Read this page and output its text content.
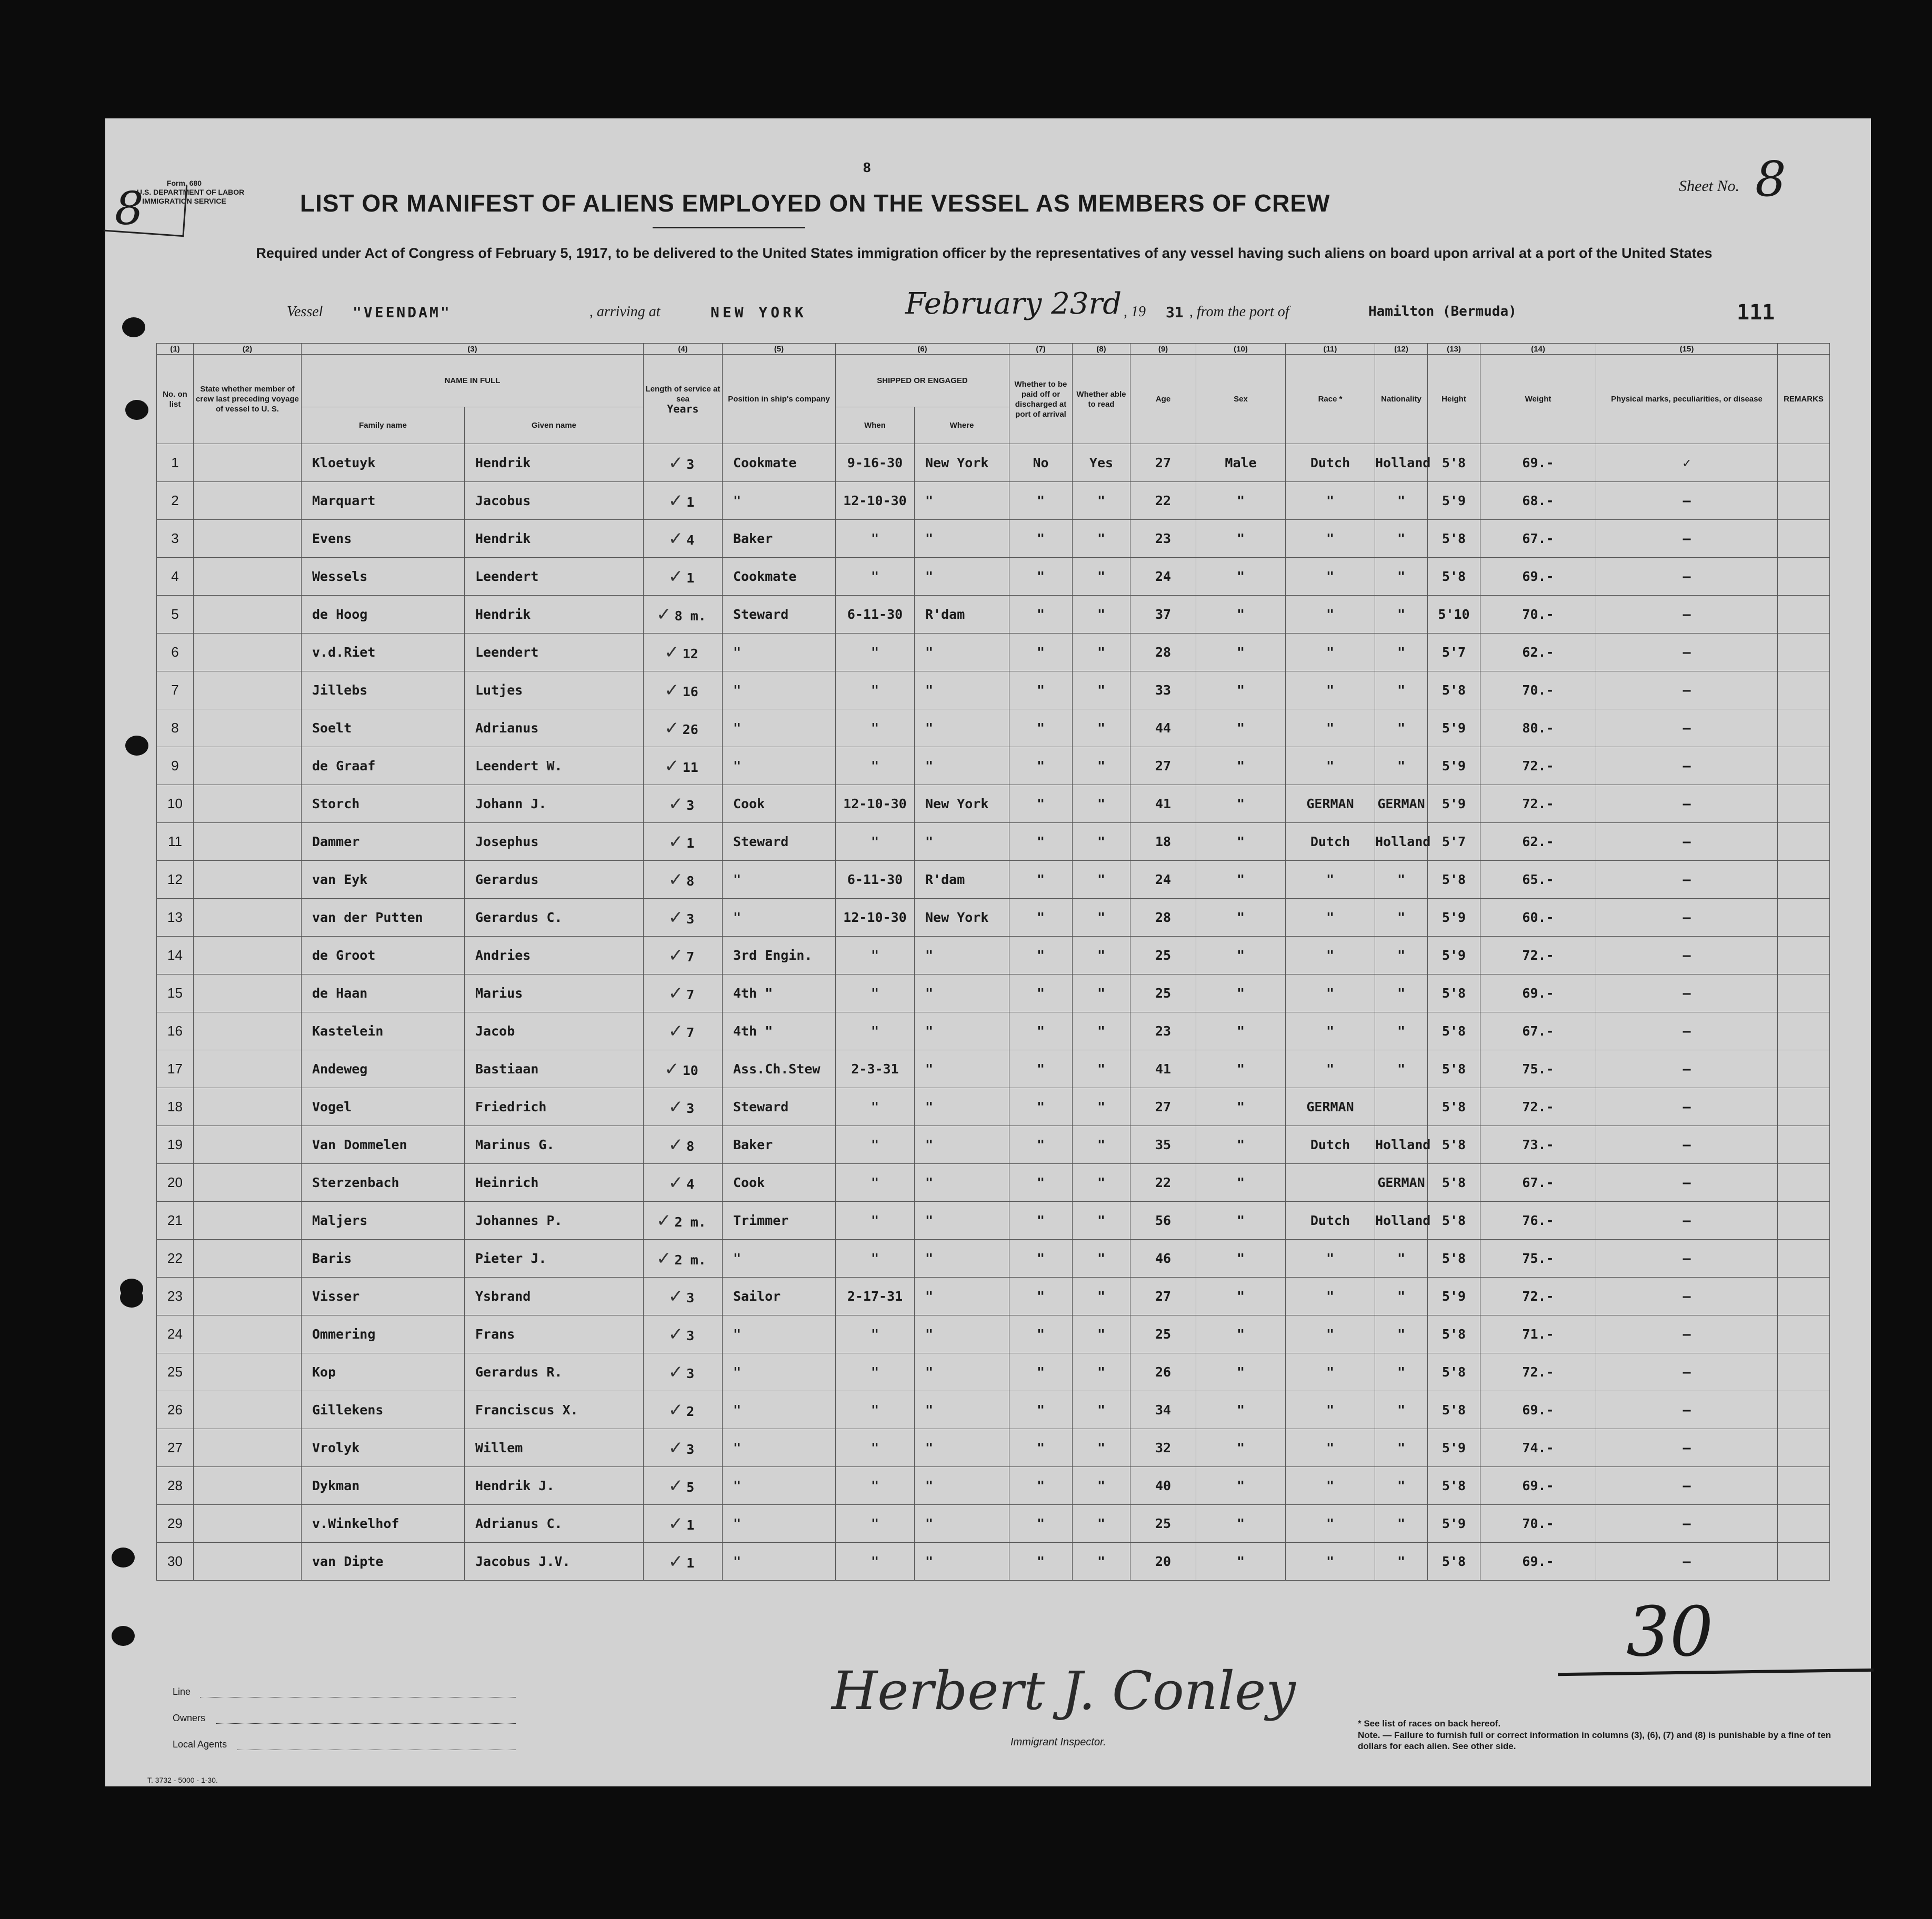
Form. 680
U.S. DEPARTMENT OF LABOR
IMMIGRATION SERVICE
8
8
LIST OR MANIFEST OF ALIENS EMPLOYED ON THE VESSEL AS MEMBERS OF CREW
Sheet No. 8
Required under Act of Congress of February 5, 1917, to be delivered to the United States immigration officer by the representatives of any vessel having such aliens on board upon arrival at a port of the United States
Vessel "VEENDAM"	, arriving at	NEW YORK	February 23rd , 19 31 , from the port of	Hamilton (Bermuda)	111
(1)	(2)	(3)		(4)	(5)	(6)		(7)	(8)	(9)	(10)	(11)	(12)	(13)	(14)	(15)	
No. on list	State whether member of crew last preceding voyage of vessel to U. S.	NAME IN FULL		Length of service at sea
Years	Position in ship's company	SHIPPED OR ENGAGED		Whether to be paid off or discharged at port of arrival	Whether able to read	Age	Sex	Race *	Nationality	Height	Weight	Physical marks, peculiarities, or disease	REMARKS
		Family name	Given name			When	Where										
1		Kloetuyk	Hendrik	✓ 3	Cookmate	9-16-30	New York	No	Yes	27	Male	Dutch	Holland	5'8	69.-	✓	
2		Marquart	Jacobus	✓ 1	"	12-10-30	"	"	"	22	"	"	"	5'9	68.-	—	
3		Evens	Hendrik	✓ 4	Baker	"	"	"	"	23	"	"	"	5'8	67.-	—	
4		Wessels	Leendert	✓ 1	Cookmate	"	"	"	"	24	"	"	"	5'8	69.-	—	
5		de Hoog	Hendrik	✓ 8 m.	Steward	6-11-30	R'dam	"	"	37	"	"	"	5'10	70.-	—	
6		v.d.Riet	Leendert	✓ 12	"	"	"	"	"	28	"	"	"	5'7	62.-	—	
7		Jillebs	Lutjes	✓ 16	"	"	"	"	"	33	"	"	"	5'8	70.-	—	
8		Soelt	Adrianus	✓ 26	"	"	"	"	"	44	"	"	"	5'9	80.-	—	
9		de Graaf	Leendert W.	✓ 11	"	"	"	"	"	27	"	"	"	5'9	72.-	—	
10		Storch	Johann J.	✓ 3	Cook	12-10-30	New York	"	"	41	"	GERMAN	GERMAN	5'9	72.-	—	
11		Dammer	Josephus	✓ 1	Steward	"	"	"	"	18	"	Dutch	Holland	5'7	62.-	—	
12		van Eyk	Gerardus	✓ 8	"	6-11-30	R'dam	"	"	24	"	"	"	5'8	65.-	—	
13		van der Putten	Gerardus C.	✓ 3	"	12-10-30	New York	"	"	28	"	"	"	5'9	60.-	—	
14		de Groot	Andries	✓ 7	3rd Engin.	"	"	"	"	25	"	"	"	5'9	72.-	—	
15		de Haan	Marius	✓ 7	4th "	"	"	"	"	25	"	"	"	5'8	69.-	—	
16		Kastelein	Jacob	✓ 7	4th "	"	"	"	"	23	"	"	"	5'8	67.-	—	
17		Andeweg	Bastiaan	✓ 10	Ass.Ch.Stew	2-3-31	"	"	"	41	"	"	"	5'8	75.-	—	
18		Vogel	Friedrich	✓ 3	Steward	"	"	"	"	27	"	GERMAN		5'8	72.-	—	
19		Van Dommelen	Marinus G.	✓ 8	Baker	"	"	"	"	35	"	Dutch	Holland	5'8	73.-	—	
20		Sterzenbach	Heinrich	✓ 4	Cook	"	"	"	"	22	"		GERMAN	5'8	67.-	—	
21		Maljers	Johannes P.	✓ 2 m.	Trimmer	"	"	"	"	56	"	Dutch	Holland	5'8	76.-	—	
22		Baris	Pieter J.	✓ 2 m.	"	"	"	"	"	46	"	"	"	5'8	75.-	—	
23		Visser	Ysbrand	✓ 3	Sailor	2-17-31	"	"	"	27	"	"	"	5'9	72.-	—	
24		Ommering	Frans	✓ 3	"	"	"	"	"	25	"	"	"	5'8	71.-	—	
25		Kop	Gerardus R.	✓ 3	"	"	"	"	"	26	"	"	"	5'8	72.-	—	
26		Gillekens	Franciscus X.	✓ 2	"	"	"	"	"	34	"	"	"	5'8	69.-	—	
27		Vrolyk	Willem	✓ 3	"	"	"	"	"	32	"	"	"	5'9	74.-	—	
28		Dykman	Hendrik J.	✓ 5	"	"	"	"	"	40	"	"	"	5'8	69.-	—	
29		v.Winkelhof	Adrianus C.	✓ 1	"	"	"	"	"	25	"	"	"	5'9	70.-	—	
30		van Dipte	Jacobus J.V.	✓ 1	"	"	"	"	"	20	"	"	"	5'8	69.-	—	
Line
Owners
Local Agents
T. 3732 - 5000 - 1-30.
Herbert J. Conley
Immigrant Inspector.
30
* See list of races on back hereof.
Note. — Failure to furnish full or correct information in columns (3), (6), (7) and (8) is punishable by a fine of ten dollars for each alien. See other side.
